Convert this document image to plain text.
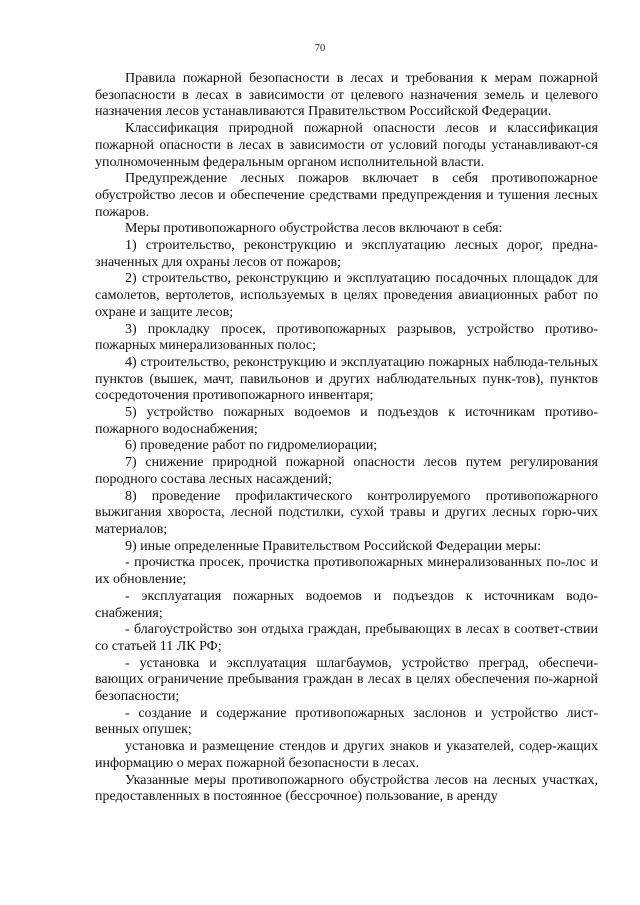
70

Правила пожарной безопасности в лесах и требования к мерам пожарной безопасности в лесах в зависимости от целевого назначения земель и целевого назначения лесов устанавливаются Правительством Российской Федерации.

Классификация природной пожарной опасности лесов и классификация пожарной опасности в лесах в зависимости от условий погоды устанавливают-ся уполномоченным федеральным органом исполнительной власти.

Предупреждение лесных пожаров включает в себя противопожарное обустройство лесов и обеспечение средствами предупреждения и тушения лесных пожаров.

Меры противопожарного обустройства лесов включают в себя:

1) строительство, реконструкцию и эксплуатацию лесных дорог, предна-значенных для охраны лесов от пожаров;

2) строительство, реконструкцию и эксплуатацию посадочных площадок для самолетов, вертолетов, используемых в целях проведения авиационных работ по охране и защите лесов;

3) прокладку просек, противопожарных разрывов, устройство противо-пожарных минерализованных полос;

4) строительство, реконструкцию и эксплуатацию пожарных наблюда-тельных пунктов (вышек, мачт, павильонов и других наблюдательных пунк-тов), пунктов сосредоточения противопожарного инвентаря;

5) устройство пожарных водоемов и подъездов к источникам противо-пожарного водоснабжения;

6) проведение работ по гидромелиорации;

7) снижение природной пожарной опасности лесов путем регулирования породного состава лесных насаждений;

8) проведение профилактического контролируемого противопожарного выжигания хвороста, лесной подстилки, сухой травы и других лесных горю-чих материалов;

9) иные определенные Правительством Российской Федерации меры:

- прочистка просек, прочистка противопожарных минерализованных по-лос и их обновление;

- эксплуатация пожарных водоемов и подъездов к источникам водо-снабжения;

- благоустройство зон отдыха граждан, пребывающих в лесах в соответ-ствии со статьей 11 ЛК РФ;

- установка и эксплуатация шлагбаумов, устройство преград, обеспечи-вающих ограничение пребывания граждан в лесах в целях обеспечения по-жарной безопасности;

- создание и содержание противопожарных заслонов и устройство лист-венных опушек;

установка и размещение стендов и других знаков и указателей, содер-жащих информацию о мерах пожарной безопасности в лесах.

Указанные меры противопожарного обустройства лесов на лесных участках, предоставленных в постоянное (бессрочное) пользование, в аренду
